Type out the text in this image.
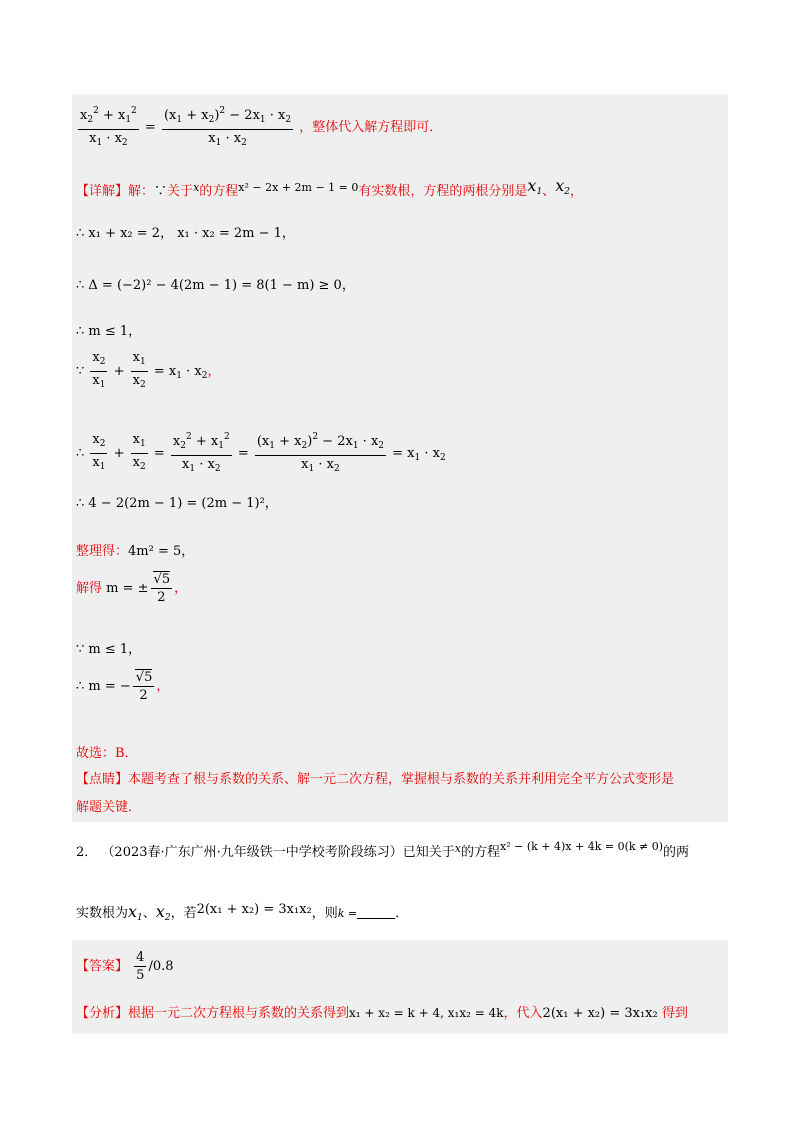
$\frac{x_2^2 + x_1^2}{x_1 \cdot x_2} = \frac{(x_1 + x_2)^2 - 2x_1 \cdot x_2}{x_1 \cdot x_2}$ ，整体代入解方程即可．
【详解】解：∵关于$^x$的方程$^{x^2 - 2x + 2m - 1 = 0}$有实数根，方程的两根分别是$x_1$、$x_2$，
∴ x₁ + x₂ = 2， x₁ · x₂ = 2m − 1，
∴ Δ = (−2)² − 4(2m − 1) = 8(1 − m) ≥ 0，
∴ m ≤ 1，
∵ $\frac{x_2}{x_1} + \frac{x_1}{x_2} = x_1 \cdot x_2$，
∴ $\frac{x_2}{x_1} + \frac{x_1}{x_2} = \frac{x_2^2 + x_1^2}{x_1 \cdot x_2} = \frac{(x_1 + x_2)^2 - 2x_1 \cdot x_2}{x_1 \cdot x_2} = x_1 \cdot x_2$
∴ 4 − 2(2m − 1) = (2m − 1)²，
整理得：4m² = 5，
解得 m = ± $\frac{√5}{2}$ ，
∵ m ≤ 1，
∴ m = − $\frac{√5}{2}$ ，
故选：B．
【点睛】本题考查了根与系数的关系、解一元二次方程，掌握根与系数的关系并利用完全平方公式变形是
解题关键．
2． （2023春·广东广州·九年级铁一中学校考阶段练习）已知关于$^x$的方程$^{x^2 - (k + 4)x + 4k = 0(k \ne 0)}$的两
实数根为$x_1$、$x_2$，若2(x₁ + x₂) = 3x₁x₂，则k =	．
【答案】 $\frac{4}{5} /0.8$
【分析】根据一元二次方程根与系数的关系得到x₁ + x₂ = k + 4, x₁x₂ = 4k，代入2(x₁ + x₂) = 3x₁x₂ 得到
